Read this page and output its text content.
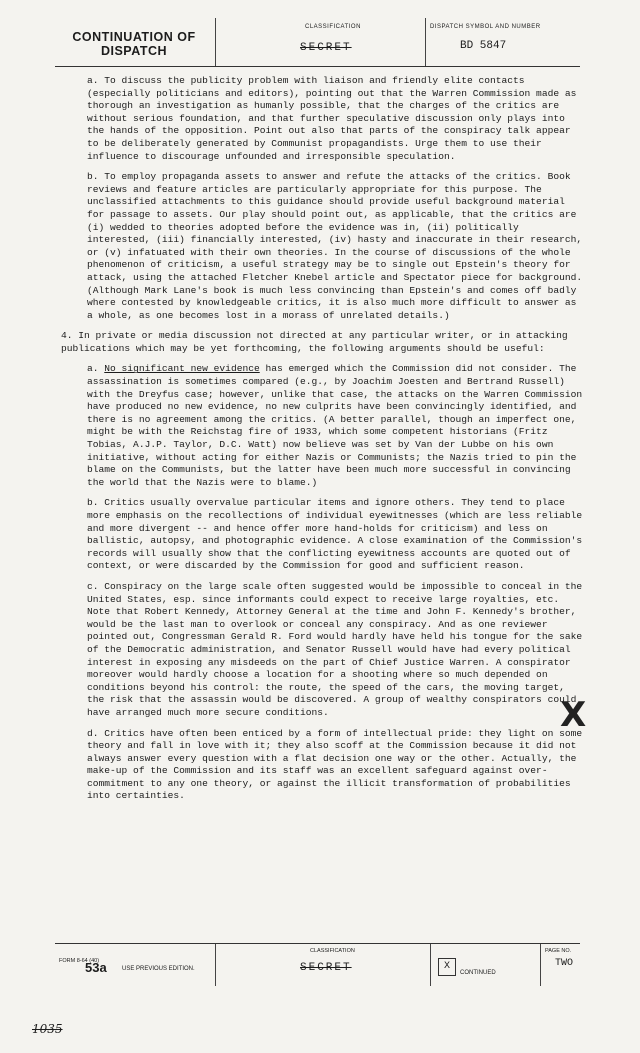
CONTINUATION OF
DISPATCH
CLASSIFICATION
SECRET
DISPATCH SYMBOL AND NUMBER
BD 5847

a. To discuss the publicity problem with liaison and friendly elite contacts (especially politicians and editors), pointing out that the Warren Commission made as thorough an investigation as humanly possible, that the charges of the critics are without serious foundation, and that further speculative discussion only plays into the hands of the opposition. Point out also that parts of the conspiracy talk appear to be deliberately generated by Communist propagandists. Urge them to use their influence to discourage unfounded and irresponsible speculation.

b. To employ propaganda assets to answer and refute the attacks of the critics. Book reviews and feature articles are particularly appropriate for this purpose. The unclassified attachments to this guidance should provide useful background material for passage to assets. Our play should point out, as applicable, that the critics are (i) wedded to theories adopted before the evidence was in, (ii) politically interested, (iii) financially interested, (iv) hasty and inaccurate in their research, or (v) infatuated with their own theories. In the course of discussions of the whole phenomenon of criticism, a useful strategy may be to single out Epstein's theory for attack, using the attached Fletcher Knebel article and Spectator piece for background. (Although Mark Lane's book is much less convincing than Epstein's and comes off badly where contested by knowledgeable critics, it is also much more difficult to answer as a whole, as one becomes lost in a morass of unrelated details.)

4. In private or media discussion not directed at any particular writer, or in attacking publications which may be yet forthcoming, the following arguments should be useful:

a. No significant new evidence has emerged which the Commission did not consider. The assassination is sometimes compared (e.g., by Joachim Joesten and Bertrand Russell) with the Dreyfus case; however, unlike that case, the attacks on the Warren Commission have produced no new evidence, no new culprits have been convincingly identified, and there is no agreement among the critics. (A better parallel, though an imperfect one, might be with the Reichstag fire of 1933, which some competent historians (Fritz Tobias, A.J.P. Taylor, D.C. Watt) now believe was set by Van der Lubbe on his own initiative, without acting for either Nazis or Communists; the Nazis tried to pin the blame on the Communists, but the latter have been much more successful in convincing the world that the Nazis were to blame.)

b. Critics usually overvalue particular items and ignore others. They tend to place more emphasis on the recollections of individual eyewitnesses (which are less reliable and more divergent -- and hence offer more hand-holds for criticism) and less on ballistic, autopsy, and photographic evidence. A close examination of the Commission's records will usually show that the conflicting eyewitness accounts are quoted out of context, or were discarded by the Commission for good and sufficient reason.

c. Conspiracy on the large scale often suggested would be impossible to conceal in the United States, esp. since informants could expect to receive large royalties, etc. Note that Robert Kennedy, Attorney General at the time and John F. Kennedy's brother, would be the last man to overlook or conceal any conspiracy. And as one reviewer pointed out, Congressman Gerald R. Ford would hardly have held his tongue for the sake of the Democratic administration, and Senator Russell would have had every political interest in exposing any misdeeds on the part of Chief Justice Warren. A conspirator moreover would hardly choose a location for a shooting where so much depended on conditions beyond his control: the route, the speed of the cars, the moving target, the risk that the assassin would be discovered. A group of wealthy conspirators could have arranged much more secure conditions.

d. Critics have often been enticed by a form of intellectual pride: they light on some theory and fall in love with it; they also scoff at the Commission because it did not always answer every question with a flat decision one way or the other. Actually, the make-up of the Commission and its staff was an excellent safeguard against over-commitment to any one theory, or against the illicit transformation of probabilities into certainties.

X
FORM 8-64 (40)
53a	USE PREVIOUS EDITION.
CLASSIFICATION
SECRET	X
CONTINUED
PAGE NO.
TWO
1035
